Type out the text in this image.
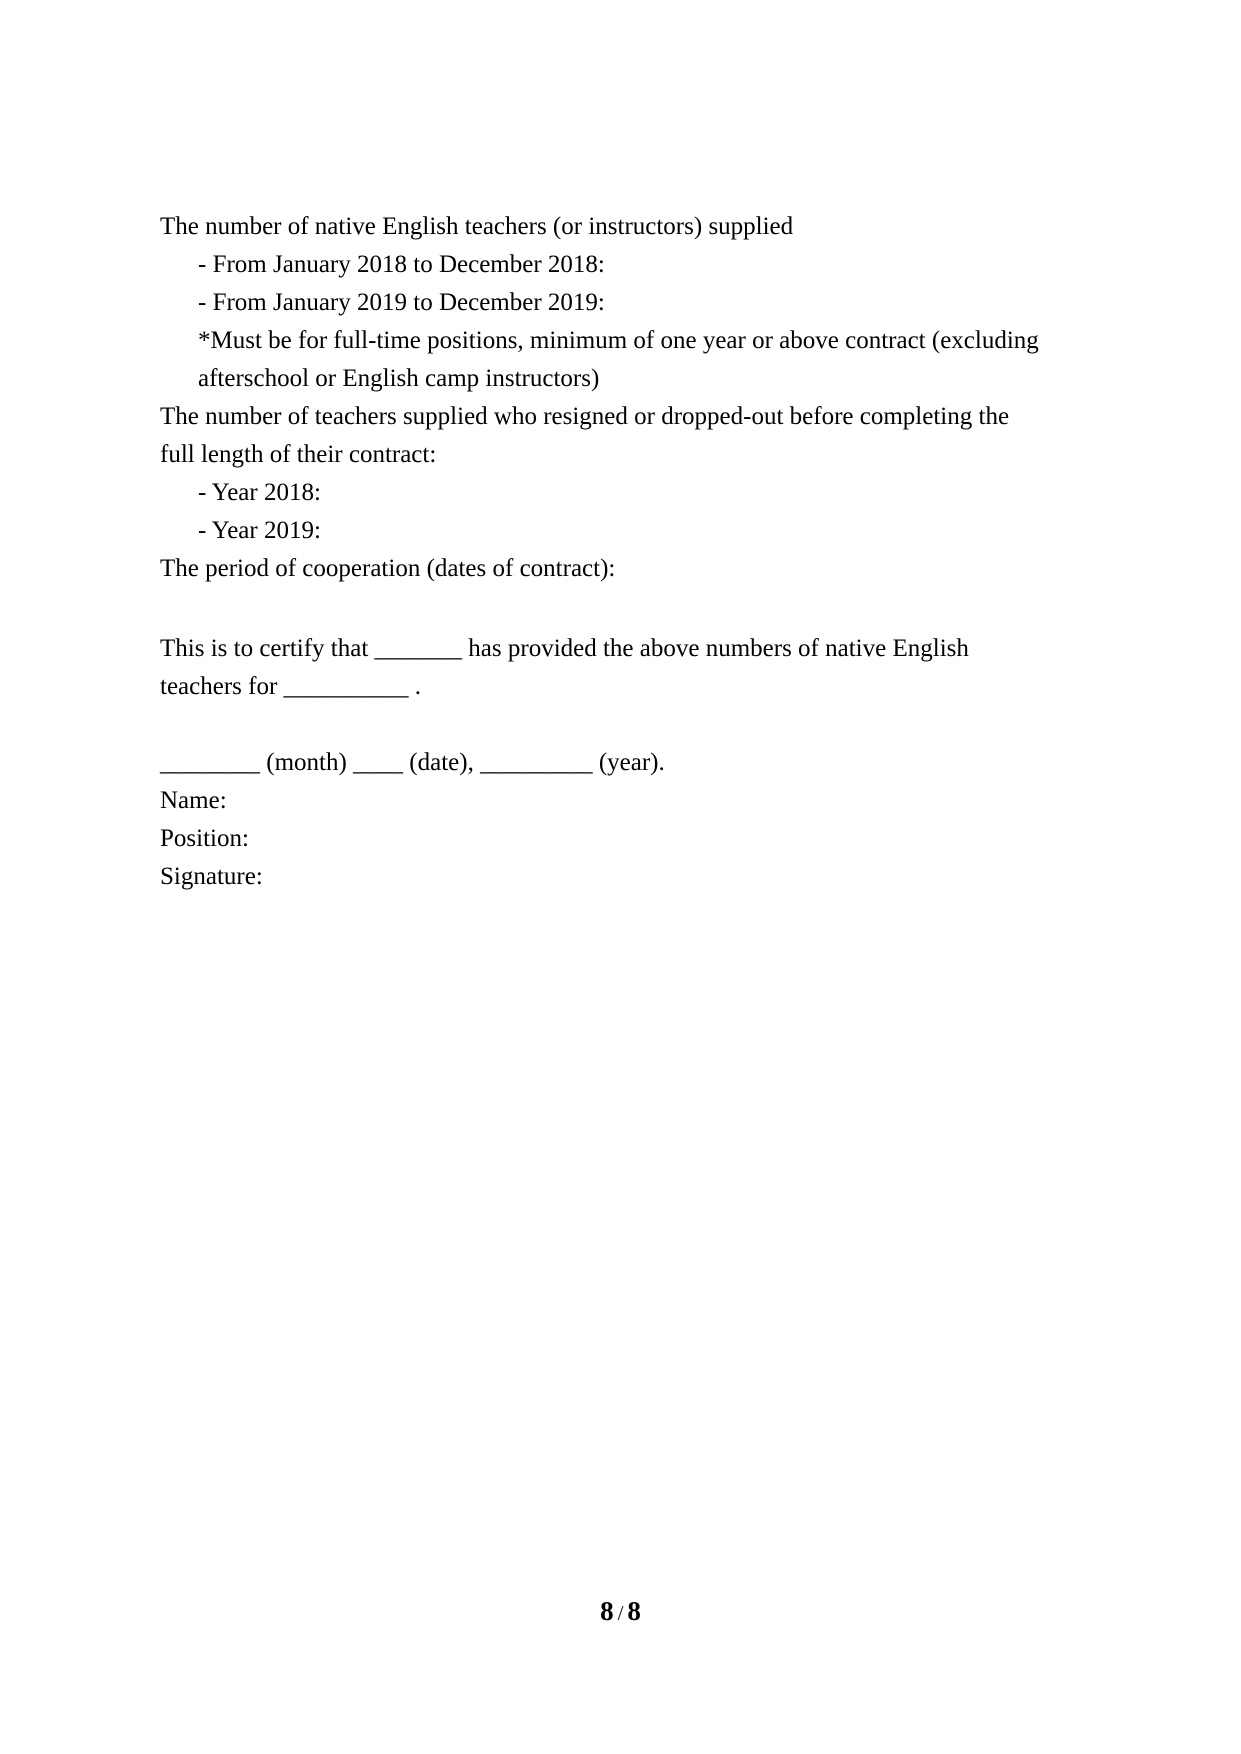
The number of native English teachers (or instructors) supplied
- From January 2018 to December 2018:
- From January 2019 to December 2019:
*Must be for full-time positions, minimum of one year or above contract (excluding
afterschool or English camp instructors)
The number of teachers supplied who resigned or dropped-out before completing the
full length of their contract:
- Year 2018:
- Year 2019:
The period of cooperation (dates of contract):
This is to certify that _______ has provided the above numbers of native English
teachers for __________ .
________ (month) ____ (date), _________ (year).
Name:
Position:
Signature:
8 / 8
